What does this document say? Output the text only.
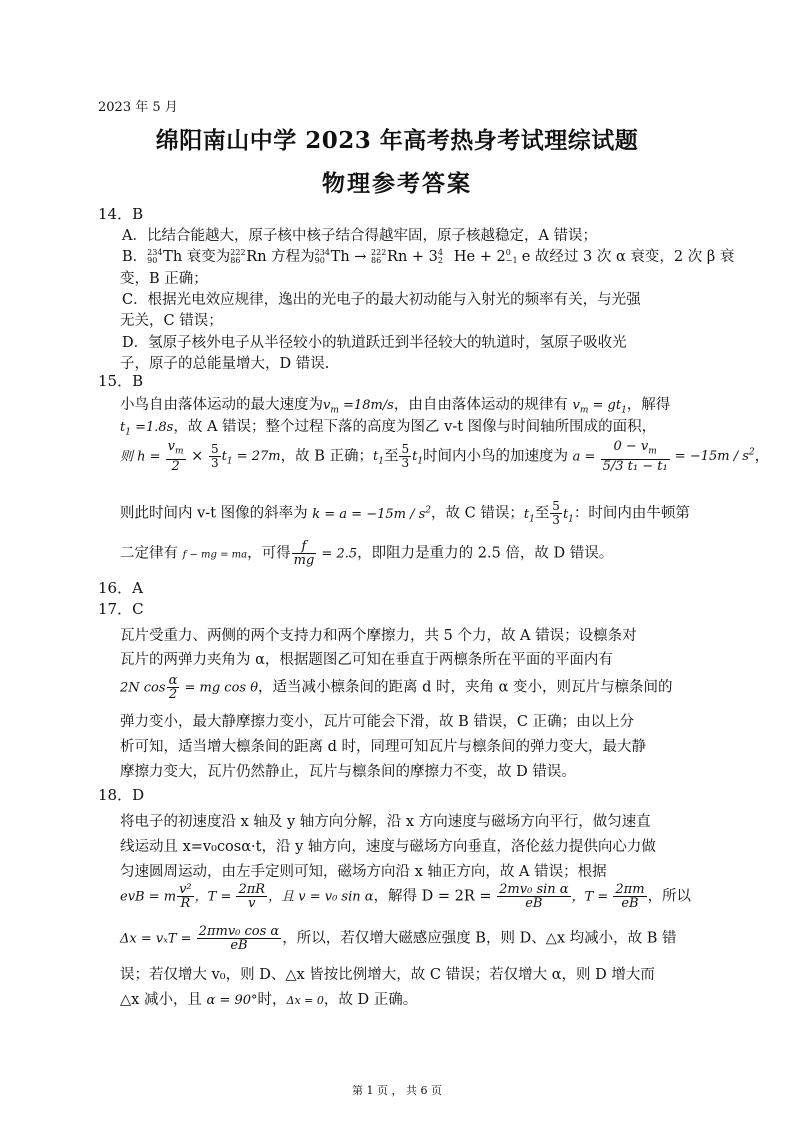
2023 年 5 月
绵阳南山中学 2023 年高考热身考试理综试题
物理参考答案
14．B
A．比结合能越大，原子核中核子结合得越牢固，原子核越稳定，A 错误；
B． 234
90 Th 衰变为 222
86 Rn 方程为 234
90 Th → 222
86 Rn + 3 4
2 He + 2 0
−1 e 故经过 3 次 α 衰变，2 次 β 衰
变，B 正确；
C．根据光电效应规律，逸出的光电子的最大初动能与入射光的频率有关，与光强
无关，C 错误；
D．氢原子核外电子从半径较小的轨道跃迁到半径较大的轨道时，氢原子吸收光
子，原子的总能量增大，D 错误.
15．B
小鸟自由落体运动的最大速度为$v_m =18m/s$，由自由落体运动的规律有 $v_m = gt_1$，解得
$t_1 =1.8s$，故 A 错误；整个过程下落的高度为图乙 v-t 图像与时间轴所围成的面积，
则 $h = \frac{v_m}{2} \times \frac{5}{3} t_1 = 27m$，故 B 正确；$t_1$至 $\frac{5}{3} t_1$时间内小鸟的加速度为 $a = \frac{0 - v_m}{\text{5/3 t₁ − t₁}} = -15m / s^2$，
则此时间内 v-t 图像的斜率为 $k = a = -15m / s^2$，故 C 错误；$t_1$至 $\frac{5}{3} t_1$：时间内由牛顿第
二定律有 f − mg = ma，可得 $\frac{f}{mg} = 2.5$，即阻力是重力的 2.5 倍，故 D 错误。
16．A
17．C
瓦片受重力、两侧的两个支持力和两个摩擦力，共 5 个力，故 A 错误；设檩条对
瓦片的两弹力夹角为 α，根据题图乙可知在垂直于两檩条所在平面的平面内有
2N $\cos \frac{\alpha}{2}$ = mg cos θ，适当减小檩条间的距离 d 时，夹角 α 变小，则瓦片与檩条间的
弹力变小，最大静摩擦力变小，瓦片可能会下滑，故 B 错误，C 正确；由以上分
析可知，适当增大檩条间的距离 d 时，同理可知瓦片与檩条间的弹力变大，最大静
摩擦力变大，瓦片仍然静止，瓦片与檩条间的摩擦力不变，故 D 错误。
18．D
将电子的初速度沿 x 轴及 y 轴方向分解，沿 x 方向速度与磁场方向平行，做匀速直
线运动且 x=v₀cosα·t，沿 y 轴方向，速度与磁场方向垂直，洛伦兹力提供向心力做
匀速圆周运动，由左手定则可知，磁场方向沿 x 轴正方向，故 A 错误；根据
evB = m $\frac{\text{v²}}{R}$ ，$T = \frac{2\pi R}{v}$ ，且 v = v₀ sin α，解得 $D = 2R = \frac{\text{2mv₀ sin α}}{eB}$ ，$T = \frac{2\pi m}{eB}$ ，所以
$\Delta x = v_xT = \frac{\text{2πmv₀ cos α}}{eB}$ ，所以，若仅增大磁感应强度 B，则 D、△x 均减小，故 B 错
误；若仅增大 v₀，则 D、△x 皆按比例增大，故 C 错误；若仅增大 α，则 D 增大而
△x 减小，且 α = 90°时，Δx = 0，故 D 正确。
第 1 页 ， 共 6 页
